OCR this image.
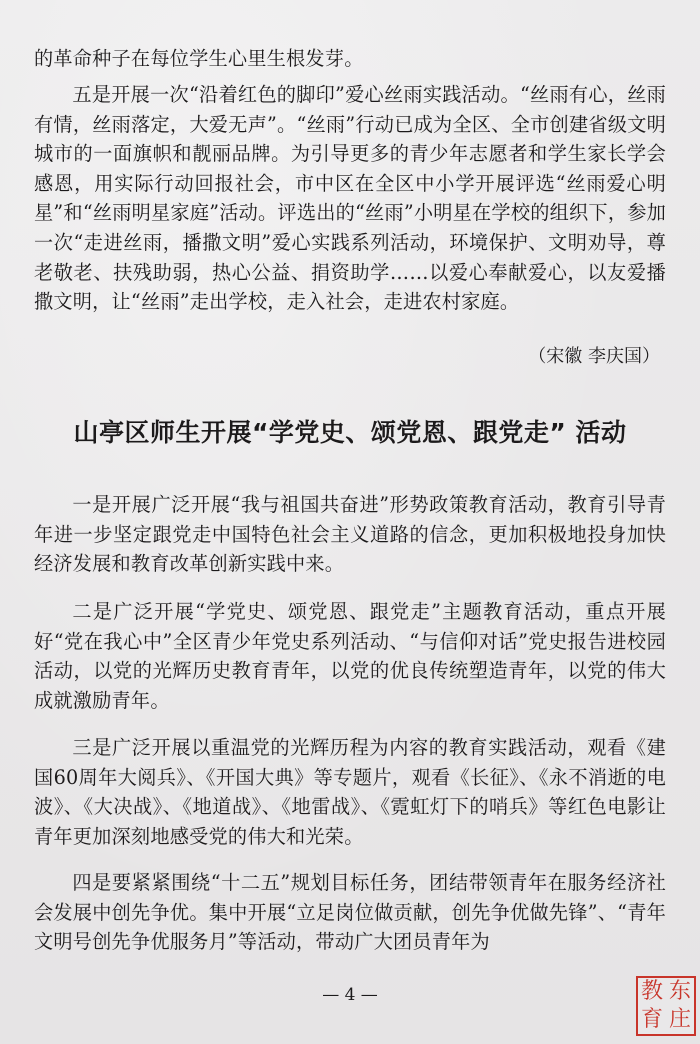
的革命种子在每位学生心里生根发芽。

五是开展一次“沿着红色的脚印”爱心丝雨实践活动。“丝雨有心，丝雨有情，丝雨落定，大爱无声”。“丝雨”行动已成为全区、全市创建省级文明城市的一面旗帜和靓丽品牌。为引导更多的青少年志愿者和学生家长学会感恩，用实际行动回报社会，市中区在全区中小学开展评选“丝雨爱心明星”和“丝雨明星家庭”活动。评选出的“丝雨”小明星在学校的组织下，参加一次“走进丝雨，播撒文明”爱心实践系列活动，环境保护、文明劝导，尊老敬老、扶残助弱，热心公益、捐资助学……以爱心奉献爱心，以友爱播撒文明，让“丝雨”走出学校，走入社会，走进农村家庭。

（宋徽 李庆国）
山亭区师生开展“学党史、颂党恩、跟党走” 活动

一是开展广泛开展“我与祖国共奋进”形势政策教育活动，教育引导青年进一步坚定跟党走中国特色社会主义道路的信念，更加积极地投身加快经济发展和教育改革创新实践中来。

二是广泛开展“学党史、颂党恩、跟党走”主题教育活动，重点开展好“党在我心中”全区青少年党史系列活动、“与信仰对话”党史报告进校园活动，以党的光辉历史教育青年，以党的优良传统塑造青年，以党的伟大成就激励青年。

三是广泛开展以重温党的光辉历程为内容的教育实践活动，观看《建国60周年大阅兵》、《开国大典》等专题片，观看《长征》、《永不消逝的电波》、《大决战》、《地道战》、《地雷战》、《霓虹灯下的哨兵》等红色电影让青年更加深刻地感受党的伟大和光荣。

四是要紧紧围绕“十二五”规划目标任务，团结带领青年在服务经济社会发展中创先争优。集中开展“立足岗位做贡献，创先争优做先锋”、“青年文明号创先争优服务月”等活动，带动广大团员青年为

— 4 —	教 东
育 庄
